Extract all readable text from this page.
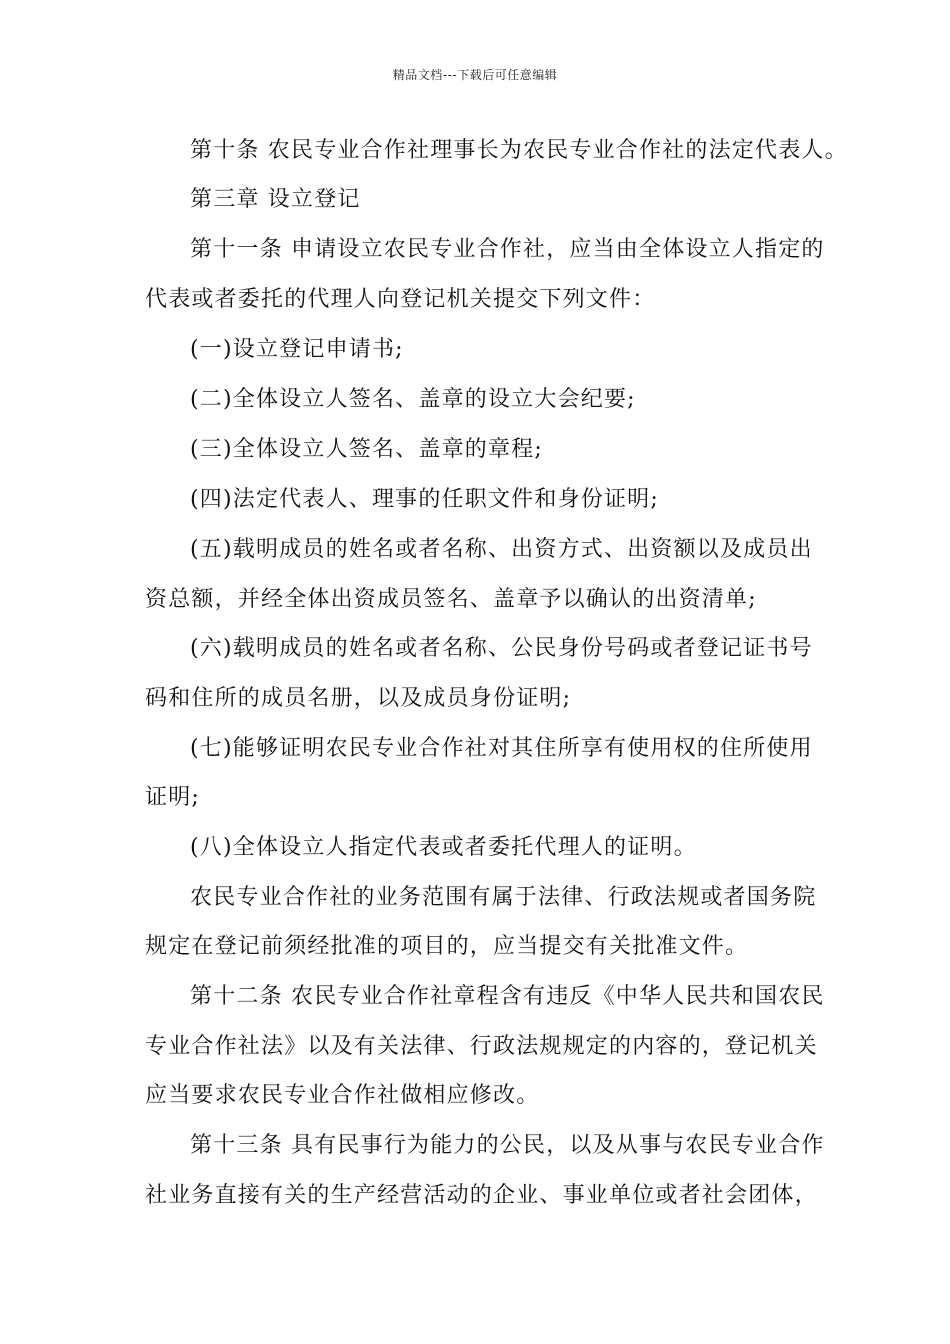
精品文档---下载后可任意编辑
第十条 农民专业合作社理事长为农民专业合作社的法定代表人。
第三章 设立登记
第十一条 申请设立农民专业合作社，应当由全体设立人指定的
代表或者委托的代理人向登记机关提交下列文件：
(一)设立登记申请书;
(二)全体设立人签名、盖章的设立大会纪要;
(三)全体设立人签名、盖章的章程;
(四)法定代表人、理事的任职文件和身份证明;
(五)载明成员的姓名或者名称、出资方式、出资额以及成员出
资总额，并经全体出资成员签名、盖章予以确认的出资清单;
(六)载明成员的姓名或者名称、公民身份号码或者登记证书号
码和住所的成员名册，以及成员身份证明;
(七)能够证明农民专业合作社对其住所享有使用权的住所使用
证明;
(八)全体设立人指定代表或者委托代理人的证明。
农民专业合作社的业务范围有属于法律、行政法规或者国务院
规定在登记前须经批准的项目的，应当提交有关批准文件。
第十二条 农民专业合作社章程含有违反《中华人民共和国农民
专业合作社法》以及有关法律、行政法规规定的内容的，登记机关
应当要求农民专业合作社做相应修改。
第十三条 具有民事行为能力的公民，以及从事与农民专业合作
社业务直接有关的生产经营活动的企业、事业单位或者社会团体，
